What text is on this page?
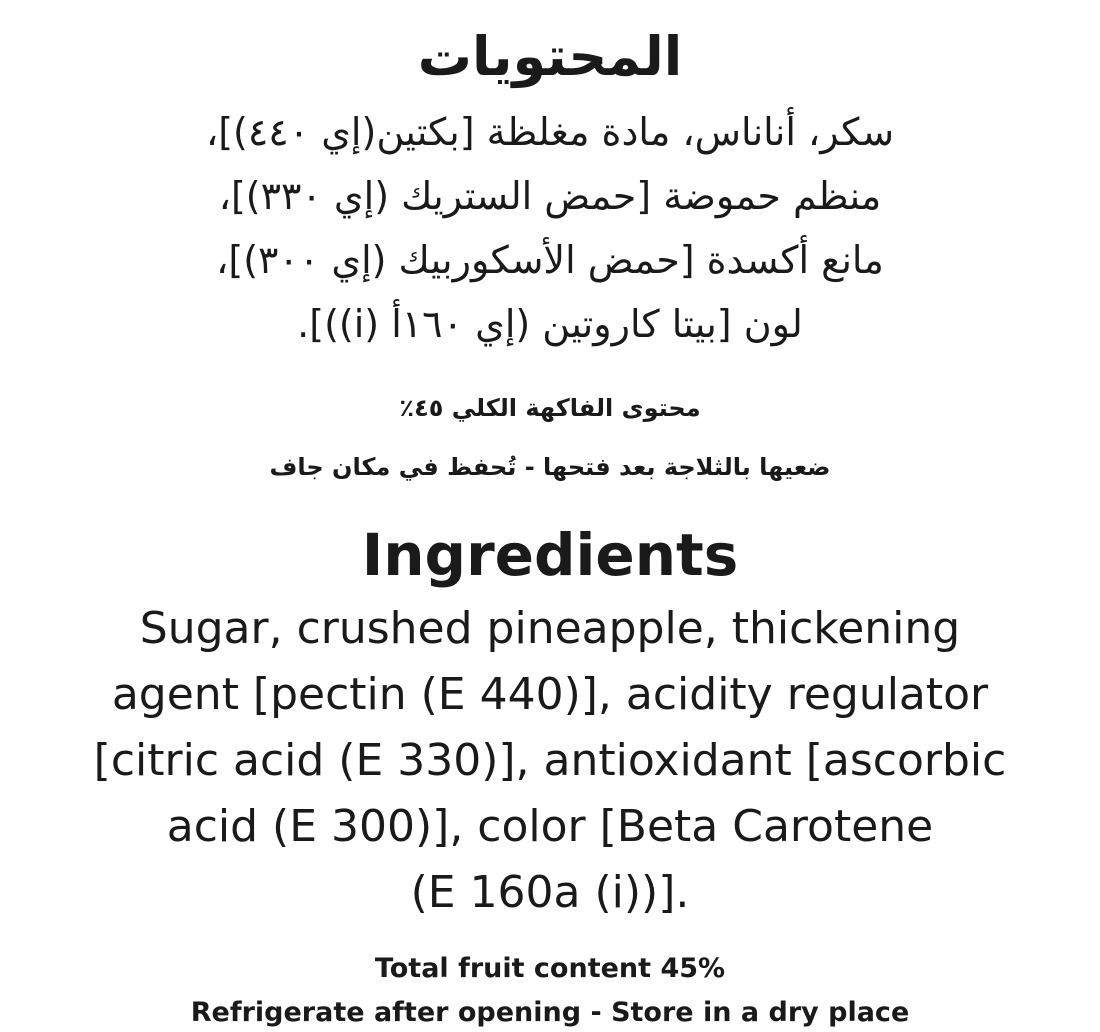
المحتويات
سكر، أناناس، مادة مغلظة [بكتين(إي ٤٤٠)]،
منظم حموضة [حمض الستريك (إي ٣٣٠)]،
مانع أكسدة [حمض الأسكوربيك (إي ٣٠٠)]،
لون [بيتا كاروتين (إي ١٦٠أ (i))].
محتوى الفاكهة الكلي ٤٥٪
ضعيها بالثلاجة بعد فتحها - تُحفظ في مكان جاف
Ingredients
Sugar, crushed pineapple, thickening
agent [pectin (E 440)], acidity regulator
[citric acid (E 330)], antioxidant [ascorbic
acid (E 300)], color [Beta Carotene
(E 160a (i))].
Total fruit content 45%
Refrigerate after opening - Store in a dry place
